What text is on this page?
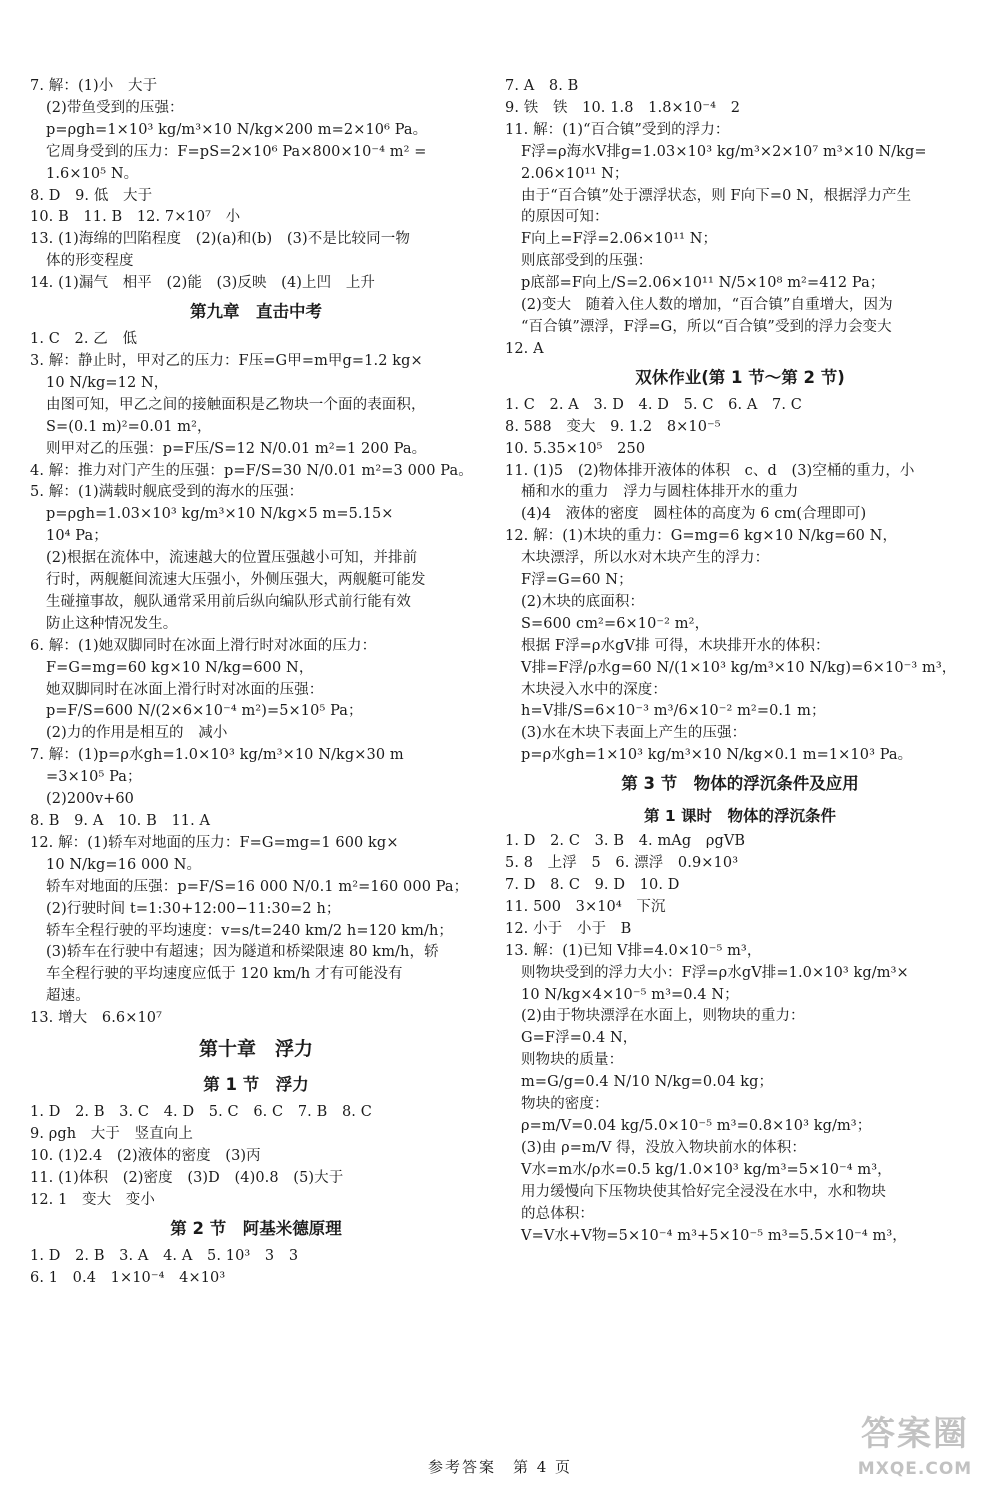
7. 解：(1)小　大于
(2)带鱼受到的压强：
p=ρgh=1×10³ kg/m³×10 N/kg×200 m=2×10⁶ Pa。
它周身受到的压力：F=pS=2×10⁶ Pa×800×10⁻⁴ m² =
1.6×10⁵ N。
8. D　9. 低　大于
10. B　11. B　12. 7×10⁷　小
13. (1)海绵的凹陷程度　(2)(a)和(b)　(3)不是比较同一物
体的形变程度
14. (1)漏气　相平　(2)能　(3)反映　(4)上凹　上升
第九章　直击中考
1. C　2. 乙　低
3. 解：静止时，甲对乙的压力：F压=G甲=m甲g=1.2 kg×
10 N/kg=12 N，
由图可知，甲乙之间的接触面积是乙物块一个面的表面积，
S=(0.1 m)²=0.01 m²，
则甲对乙的压强：p=F压/S=12 N/0.01 m²=1 200 Pa。
4. 解：推力对门产生的压强：p=F/S=30 N/0.01 m²=3 000 Pa。
5. 解：(1)满载时舰底受到的海水的压强：
p=ρgh=1.03×10³ kg/m³×10 N/kg×5 m=5.15×
10⁴ Pa；
(2)根据在流体中，流速越大的位置压强越小可知，并排前
行时，两舰艇间流速大压强小，外侧压强大，两舰艇可能发
生碰撞事故，舰队通常采用前后纵向编队形式前行能有效
防止这种情况发生。
6. 解：(1)她双脚同时在冰面上滑行时对冰面的压力：
F=G=mg=60 kg×10 N/kg=600 N，
她双脚同时在冰面上滑行时对冰面的压强：
p=F/S=600 N/(2×6×10⁻⁴ m²)=5×10⁵ Pa；
(2)力的作用是相互的　减小
7. 解：(1)p=ρ水gh=1.0×10³ kg/m³×10 N/kg×30 m
=3×10⁵ Pa；
(2)200v+60
8. B　9. A　10. B　11. A
12. 解：(1)轿车对地面的压力：F=G=mg=1 600 kg×
10 N/kg=16 000 N。
轿车对地面的压强：p=F/S=16 000 N/0.1 m²=160 000 Pa；
(2)行驶时间 t=1:30+12:00−11:30=2 h；
轿车全程行驶的平均速度：v=s/t=240 km/2 h=120 km/h；
(3)轿车在行驶中有超速；因为隧道和桥梁限速 80 km/h，轿
车全程行驶的平均速度应低于 120 km/h 才有可能没有
超速。
13. 增大　6.6×10⁷
第十章　浮力
第 1 节　浮力
1. D　2. B　3. C　4. D　5. C　6. C　7. B　8. C
9. ρgh　大于　竖直向上
10. (1)2.4　(2)液体的密度　(3)丙
11. (1)体积　(2)密度　(3)D　(4)0.8　(5)大于
12. 1　变大　变小
第 2 节　阿基米德原理
1. D　2. B　3. A　4. A　5. 10³　3　3
6. 1　0.4　1×10⁻⁴　4×10³
7. A　8. B
9. 铁　铁　10. 1.8　1.8×10⁻⁴　2
11. 解：(1)“百合镇”受到的浮力：
F浮=ρ海水V排g=1.03×10³ kg/m³×2×10⁷ m³×10 N/kg=
2.06×10¹¹ N；
由于“百合镇”处于漂浮状态，则 F向下=0 N，根据浮力产生
的原因可知：
F向上=F浮=2.06×10¹¹ N；
则底部受到的压强：
p底部=F向上/S=2.06×10¹¹ N/5×10⁸ m²=412 Pa；
(2)变大　随着入住人数的增加，“百合镇”自重增大，因为
“百合镇”漂浮，F浮=G，所以“百合镇”受到的浮力会变大
12. A
双休作业(第 1 节～第 2 节)
1. C　2. A　3. D　4. D　5. C　6. A　7. C
8. 588　变大　9. 1.2　8×10⁻⁵
10. 5.35×10⁵　250
11. (1)5　(2)物体排开液体的体积　c、d　(3)空桶的重力，小
桶和水的重力　浮力与圆柱体排开水的重力
(4)4　液体的密度　圆柱体的高度为 6 cm(合理即可)
12. 解：(1)木块的重力：G=mg=6 kg×10 N/kg=60 N，
木块漂浮，所以水对木块产生的浮力：
F浮=G=60 N；
(2)木块的底面积：
S=600 cm²=6×10⁻² m²，
根据 F浮=ρ水gV排 可得，木块排开水的体积：
V排=F浮/ρ水g=60 N/(1×10³ kg/m³×10 N/kg)=6×10⁻³ m³，
木块浸入水中的深度：
h=V排/S=6×10⁻³ m³/6×10⁻² m²=0.1 m；
(3)水在木块下表面上产生的压强：
p=ρ水gh=1×10³ kg/m³×10 N/kg×0.1 m=1×10³ Pa。
第 3 节　物体的浮沉条件及应用
第 1 课时　物体的浮沉条件
1. D　2. C　3. B　4. mAg　ρgVB
5. 8　上浮　5　6. 漂浮　0.9×10³
7. D　8. C　9. D　10. D
11. 500　3×10⁴　下沉
12. 小于　小于　B
13. 解：(1)已知 V排=4.0×10⁻⁵ m³，
则物块受到的浮力大小：F浮=ρ水gV排=1.0×10³ kg/m³×
10 N/kg×4×10⁻⁵ m³=0.4 N；
(2)由于物块漂浮在水面上，则物块的重力：
G=F浮=0.4 N，
则物块的质量：
m=G/g=0.4 N/10 N/kg=0.04 kg；
物块的密度：
ρ=m/V=0.04 kg/5.0×10⁻⁵ m³=0.8×10³ kg/m³；
(3)由 ρ=m/V 得，没放入物块前水的体积：
V水=m水/ρ水=0.5 kg/1.0×10³ kg/m³=5×10⁻⁴ m³，
用力缓慢向下压物块使其恰好完全浸没在水中，水和物块
的总体积：
V=V水+V物=5×10⁻⁴ m³+5×10⁻⁵ m³=5.5×10⁻⁴ m³，
参考答案　第 4 页
答案圈
MXQE.COM
